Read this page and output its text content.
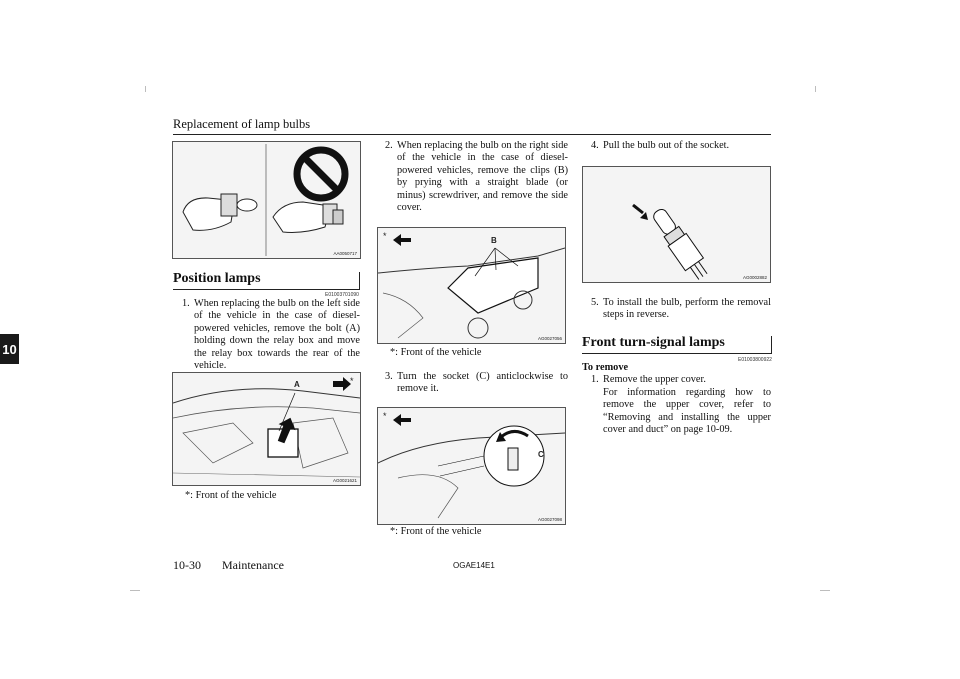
Replacement of lamp bulbs
10
AA0050717
Position lamps
E01003701090
1. When replacing the bulb on the left side of the vehicle in the case of diesel-powered vehicles, remove the bolt (A) holding down the relay box and move the relay box towards the rear of the vehicle.
A	*
AG0021621
*: Front of the vehicle
2. When replacing the bulb on the right side of the vehicle in the case of diesel-powered vehicles, remove the clips (B) by prying with a straight blade (or minus) screwdriver, and remove the side cover.
*	B
AG0027056
*: Front of the vehicle
3. Turn the socket (C) anticlockwise to remove it.
*
C
AG0027098
*: Front of the vehicle
4. Pull the bulb out of the socket.
AG0002882
5. To install the bulb, perform the removal steps in reverse.
Front turn-signal lamps
E01003800922
To remove
1. Remove the upper cover.
For information regarding how to remove the upper cover, refer to “Removing and installing the upper cover and duct” on page 10-09.
10-30 Maintenance	OGAE14E1
